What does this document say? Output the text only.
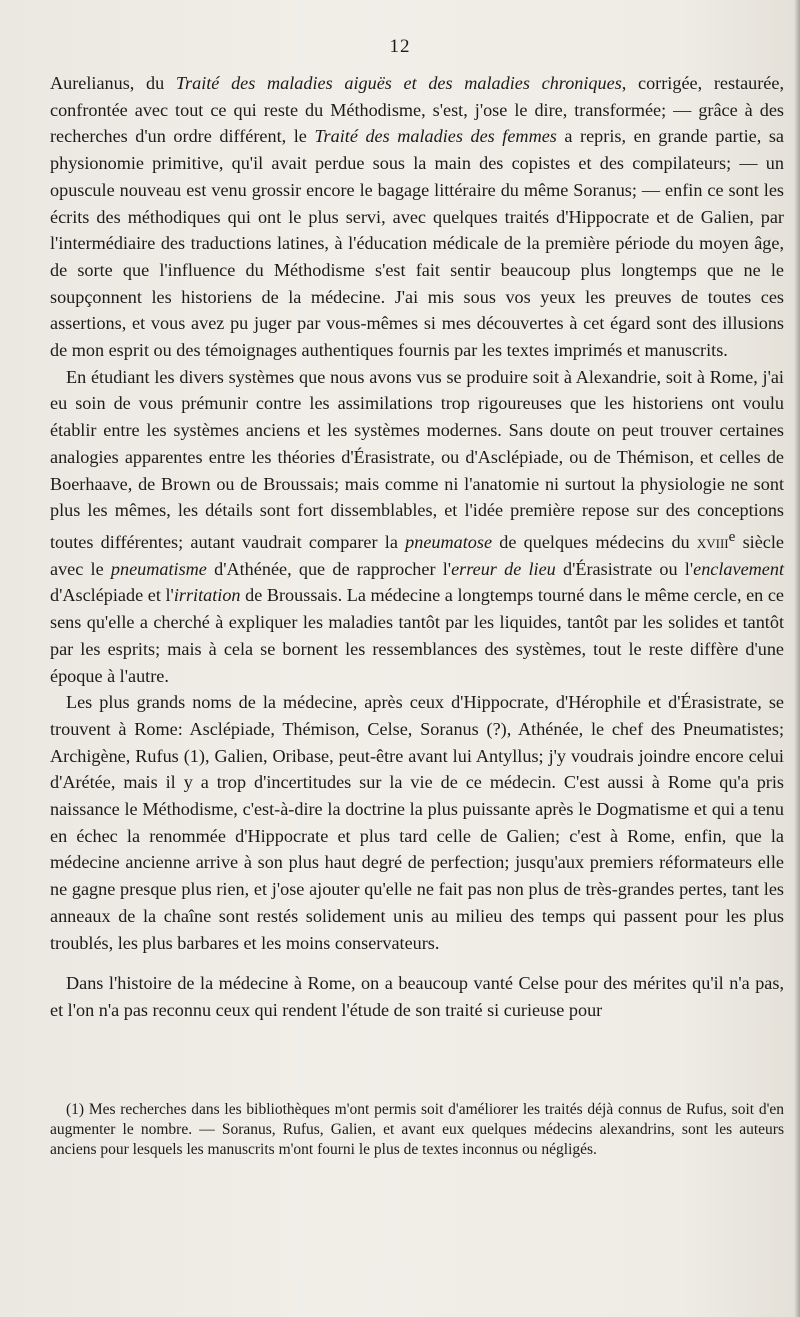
12

Aurelianus, du Traité des maladies aiguës et des maladies chroniques, corrigée, restaurée, confrontée avec tout ce qui reste du Méthodisme, s'est, j'ose le dire, transformée; — grâce à des recherches d'un ordre différent, le Traité des maladies des femmes a repris, en grande partie, sa physionomie primitive, qu'il avait perdue sous la main des copistes et des compilateurs; — un opuscule nouveau est venu grossir encore le bagage littéraire du même Soranus; — enfin ce sont les écrits des méthodiques qui ont le plus servi, avec quelques traités d'Hippocrate et de Galien, par l'intermédiaire des traductions latines, à l'éducation médicale de la première période du moyen âge, de sorte que l'influence du Méthodisme s'est fait sentir beaucoup plus longtemps que ne le soupçonnent les historiens de la médecine. J'ai mis sous vos yeux les preuves de toutes ces assertions, et vous avez pu juger par vous-mêmes si mes découvertes à cet égard sont des illusions de mon esprit ou des témoignages authentiques fournis par les textes imprimés et manuscrits.

En étudiant les divers systèmes que nous avons vus se produire soit à Alexandrie, soit à Rome, j'ai eu soin de vous prémunir contre les assimilations trop rigoureuses que les historiens ont voulu établir entre les systèmes anciens et les systèmes modernes. Sans doute on peut trouver certaines analogies apparentes entre les théories d'Érasistrate, ou d'Asclépiade, ou de Thémison, et celles de Boerhaave, de Brown ou de Broussais; mais comme ni l'anatomie ni surtout la physiologie ne sont plus les mêmes, les détails sont fort dissemblables, et l'idée première repose sur des conceptions toutes différentes; autant vaudrait comparer la pneumatose de quelques médecins du xviii$^e$ siècle avec le pneumatisme d'Athénée, que de rapprocher l'erreur de lieu d'Érasistrate ou l'enclavement d'Asclépiade et l'irritation de Broussais. La médecine a longtemps tourné dans le même cercle, en ce sens qu'elle a cherché à expliquer les maladies tantôt par les liquides, tantôt par les solides et tantôt par les esprits; mais à cela se bornent les ressemblances des systèmes, tout le reste diffère d'une époque à l'autre.

Les plus grands noms de la médecine, après ceux d'Hippocrate, d'Hérophile et d'Érasistrate, se trouvent à Rome: Asclépiade, Thémison, Celse, Soranus (?), Athénée, le chef des Pneumatistes; Archigène, Rufus (1), Galien, Oribase, peut-être avant lui Antyllus; j'y voudrais joindre encore celui d'Arétée, mais il y a trop d'incertitudes sur la vie de ce médecin. C'est aussi à Rome qu'a pris naissance le Méthodisme, c'est-à-dire la doctrine la plus puissante après le Dogmatisme et qui a tenu en échec la renommée d'Hippocrate et plus tard celle de Galien; c'est à Rome, enfin, que la médecine ancienne arrive à son plus haut degré de perfection; jusqu'aux premiers réformateurs elle ne gagne presque plus rien, et j'ose ajouter qu'elle ne fait pas non plus de très-grandes pertes, tant les anneaux de la chaîne sont restés solidement unis au milieu des temps qui passent pour les plus troublés, les plus barbares et les moins conservateurs.

Dans l'histoire de la médecine à Rome, on a beaucoup vanté Celse pour des mérites qu'il n'a pas, et l'on n'a pas reconnu ceux qui rendent l'étude de son traité si curieuse pour

(1) Mes recherches dans les bibliothèques m'ont permis soit d'améliorer les traités déjà connus de Rufus, soit d'en augmenter le nombre. — Soranus, Rufus, Galien, et avant eux quelques médecins alexandrins, sont les auteurs anciens pour lesquels les manuscrits m'ont fourni le plus de textes inconnus ou négligés.
